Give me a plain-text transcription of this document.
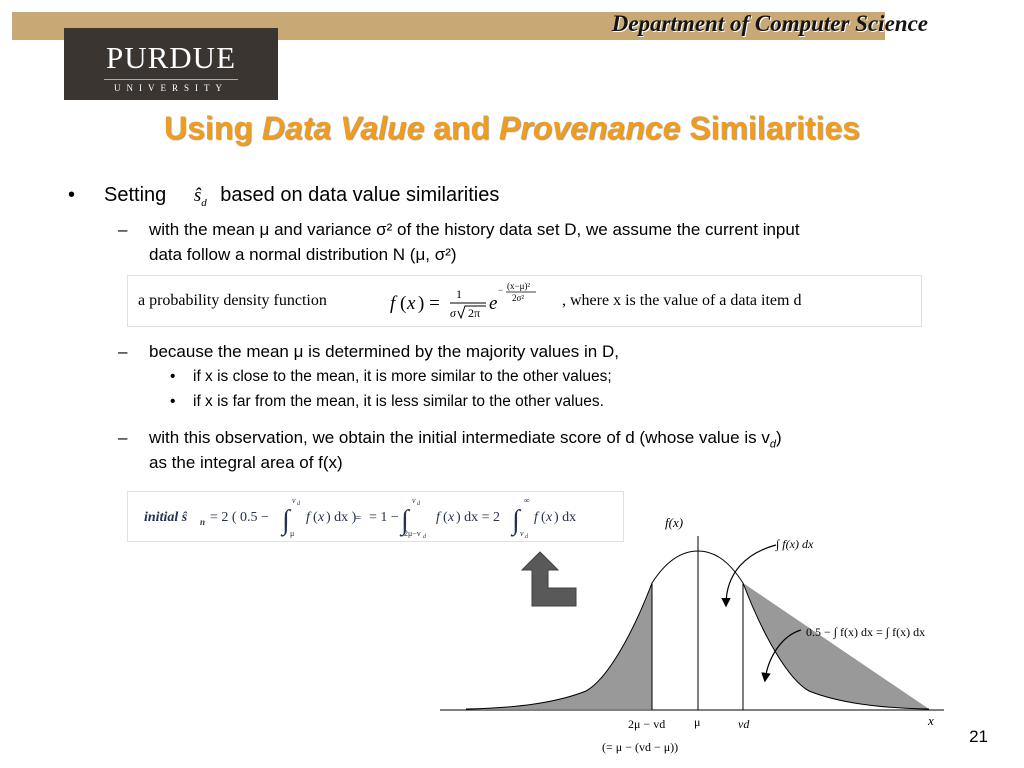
Department of Computer Science
PURDUE
UNIVERSITY
Using Data Value and Provenance Similarities
• Setting $ŝ_d$ based on data value similarities
– with the mean μ and variance σ² of the history data set D, we assume the current input
data follow a normal distribution N (μ, σ²)
a probability density function	f ( x ) = 1
σ 2π e
− (x−μ)²
2σ² , where x is the value of a data item d
– because the mean μ is determined by the majority values in D,
• if x is close to the mean, it is more similar to the other values;
• if x is far from the mean, it is less similar to the other values.
– with this observation, we obtain the initial intermediate score of d (whose value is $v_d$)
as the integral area of f(x)
initial ŝ n = 2 ( 0.5 − ∫
v d
μ
f ( x ) dx )
= = 1 − ∫
v d
2μ−v d
f ( x ) dx = 2 ∫
∞
v d
f ( x ) dx	f(x)
x
∫ f(x) dx
0.5 − ∫ f(x) dx = ∫ f(x) dx
2μ − vd μ	vd
(= μ − (vd − μ))
21
